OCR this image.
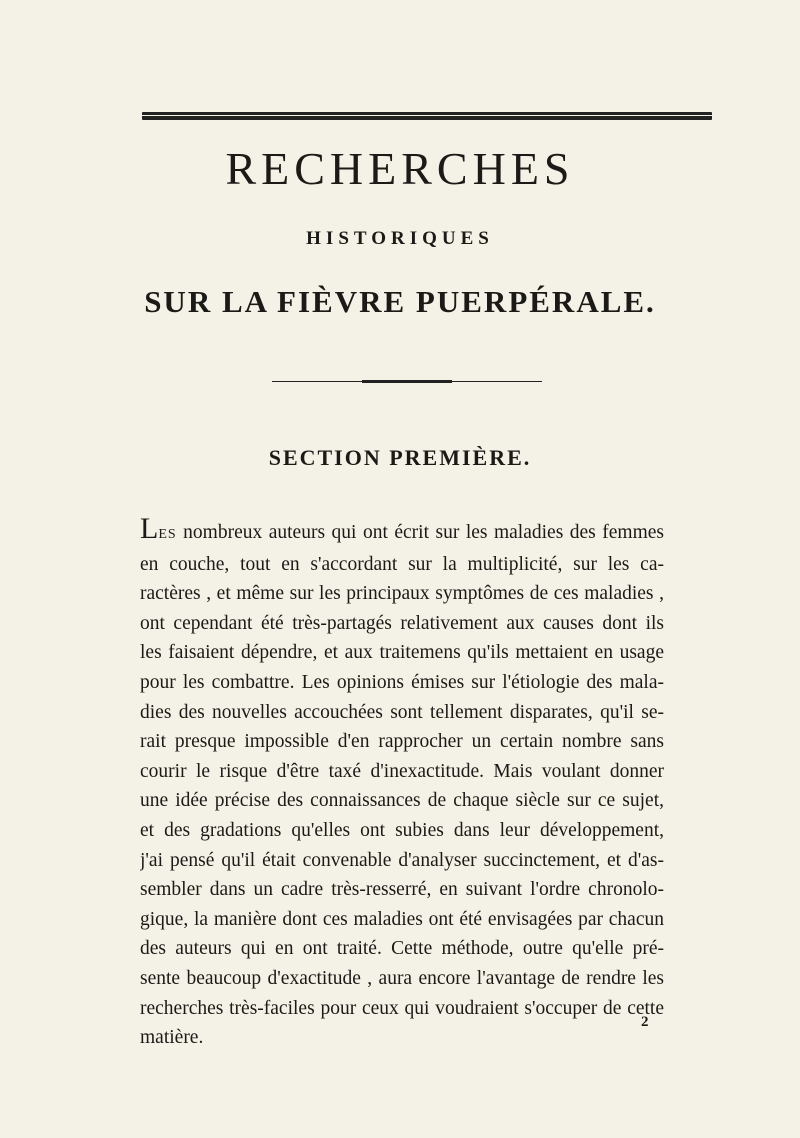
RECHERCHES
HISTORIQUES
SUR LA FIÈVRE PUERPÉRALE.
SECTION PREMIÈRE.
LES nombreux auteurs qui ont écrit sur les maladies des femmes
en couche, tout en s'accordant sur la multiplicité, sur les ca-
ractères , et même sur les principaux symptômes de ces maladies ,
ont cependant été très-partagés relativement aux causes dont ils
les faisaient dépendre, et aux traitemens qu'ils mettaient en usage
pour les combattre. Les opinions émises sur l'étiologie des mala-
dies des nouvelles accouchées sont tellement disparates, qu'il se-
rait presque impossible d'en rapprocher un certain nombre sans
courir le risque d'être taxé d'inexactitude. Mais voulant donner
une idée précise des connaissances de chaque siècle sur ce sujet,
et des gradations qu'elles ont subies dans leur développement,
j'ai pensé qu'il était convenable d'analyser succinctement, et d'as-
sembler dans un cadre très-resserré, en suivant l'ordre chronolo-
gique, la manière dont ces maladies ont été envisagées par chacun
des auteurs qui en ont traité. Cette méthode, outre qu'elle pré-
sente beaucoup d'exactitude , aura encore l'avantage de rendre les
recherches très-faciles pour ceux qui voudraient s'occuper de cette
matière.
2
